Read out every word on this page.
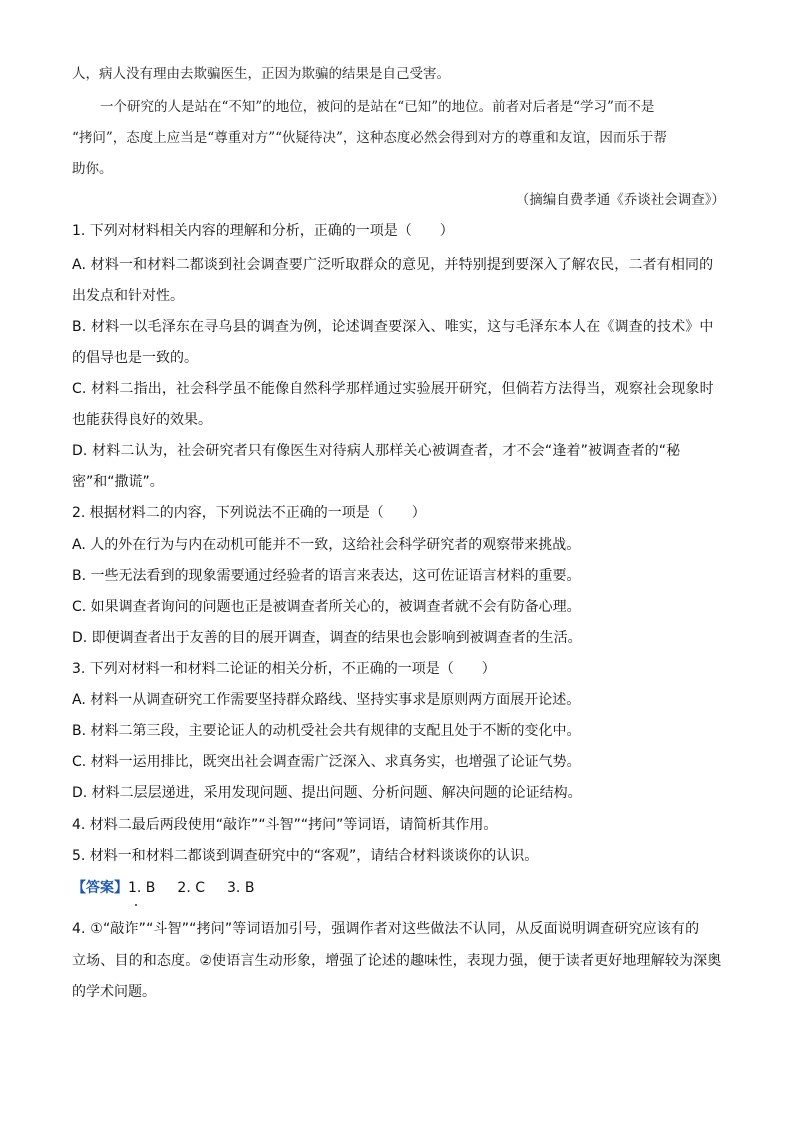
人，病人没有理由去欺骗医生，正因为欺骗的结果是自己受害。
一个研究的人是站在“不知”的地位，被问的是站在“已知”的地位。前者对后者是“学习”而不是
“拷问”，态度上应当是“尊重对方”“伙疑待决”，这种态度必然会得到对方的尊重和友谊，因而乐于帮
助你。
（摘编自费孝通《乔谈社会调查》）
1. 下列对材料相关内容的理解和分析，正确的一项是（　　）
A. 材料一和材料二都谈到社会调查要广泛听取群众的意见，并特别提到要深入了解农民，二者有相同的
出发点和针对性。
B. 材料一以毛泽东在寻乌县的调查为例，论述调查要深入、唯实，这与毛泽东本人在《调查的技术》中
的倡导也是一致的。
C. 材料二指出，社会科学虽不能像自然科学那样通过实验展开研究，但倘若方法得当，观察社会现象时
也能获得良好的效果。
D. 材料二认为，社会研究者只有像医生对待病人那样关心被调查者，才不会“逢着”被调查者的“秘
密”和“撒谎”。
2. 根据材料二的内容，下列说法不正确的一项是（　　）
A. 人的外在行为与内在动机可能并不一致，这给社会科学研究者的观察带来挑战。
B. 一些无法看到的现象需要通过经验者的语言来表达，这可佐证语言材料的重要。
C. 如果调查者询问的问题也正是被调查者所关心的，被调查者就不会有防备心理。
D. 即便调查者出于友善的目的展开调查，调查的结果也会影响到被调查者的生活。
3. 下列对材料一和材料二论证的相关分析，不正确的一项是（　　）
A. 材料一从调查研究工作需要坚持群众路线、坚持实事求是原则两方面展开论述。
B. 材料二第三段，主要论证人的动机受社会共有规律的支配且处于不断的变化中。
C. 材料一运用排比，既突出社会调查需广泛深入、求真务实，也增强了论证气势。
D. 材料二层层递进，采用发现问题、提出问题、分析问题、解决问题的论证结构。
4. 材料二最后两段使用“敲诈”“斗智”“拷问”等词语，请简析其作用。
5. 材料一和材料二都谈到调查研究中的“客观”，请结合材料谈谈你的认识。
【答案】1. B 2. C 3. B
4. ①“敲诈”“斗智”“拷问”等词语加引号，强调作者对这些做法不认同，从反面说明调查研究应该有的
立场、目的和态度。②使语言生动形象，增强了论述的趣味性，表现力强，便于读者更好地理解较为深奥
的学术问题。
